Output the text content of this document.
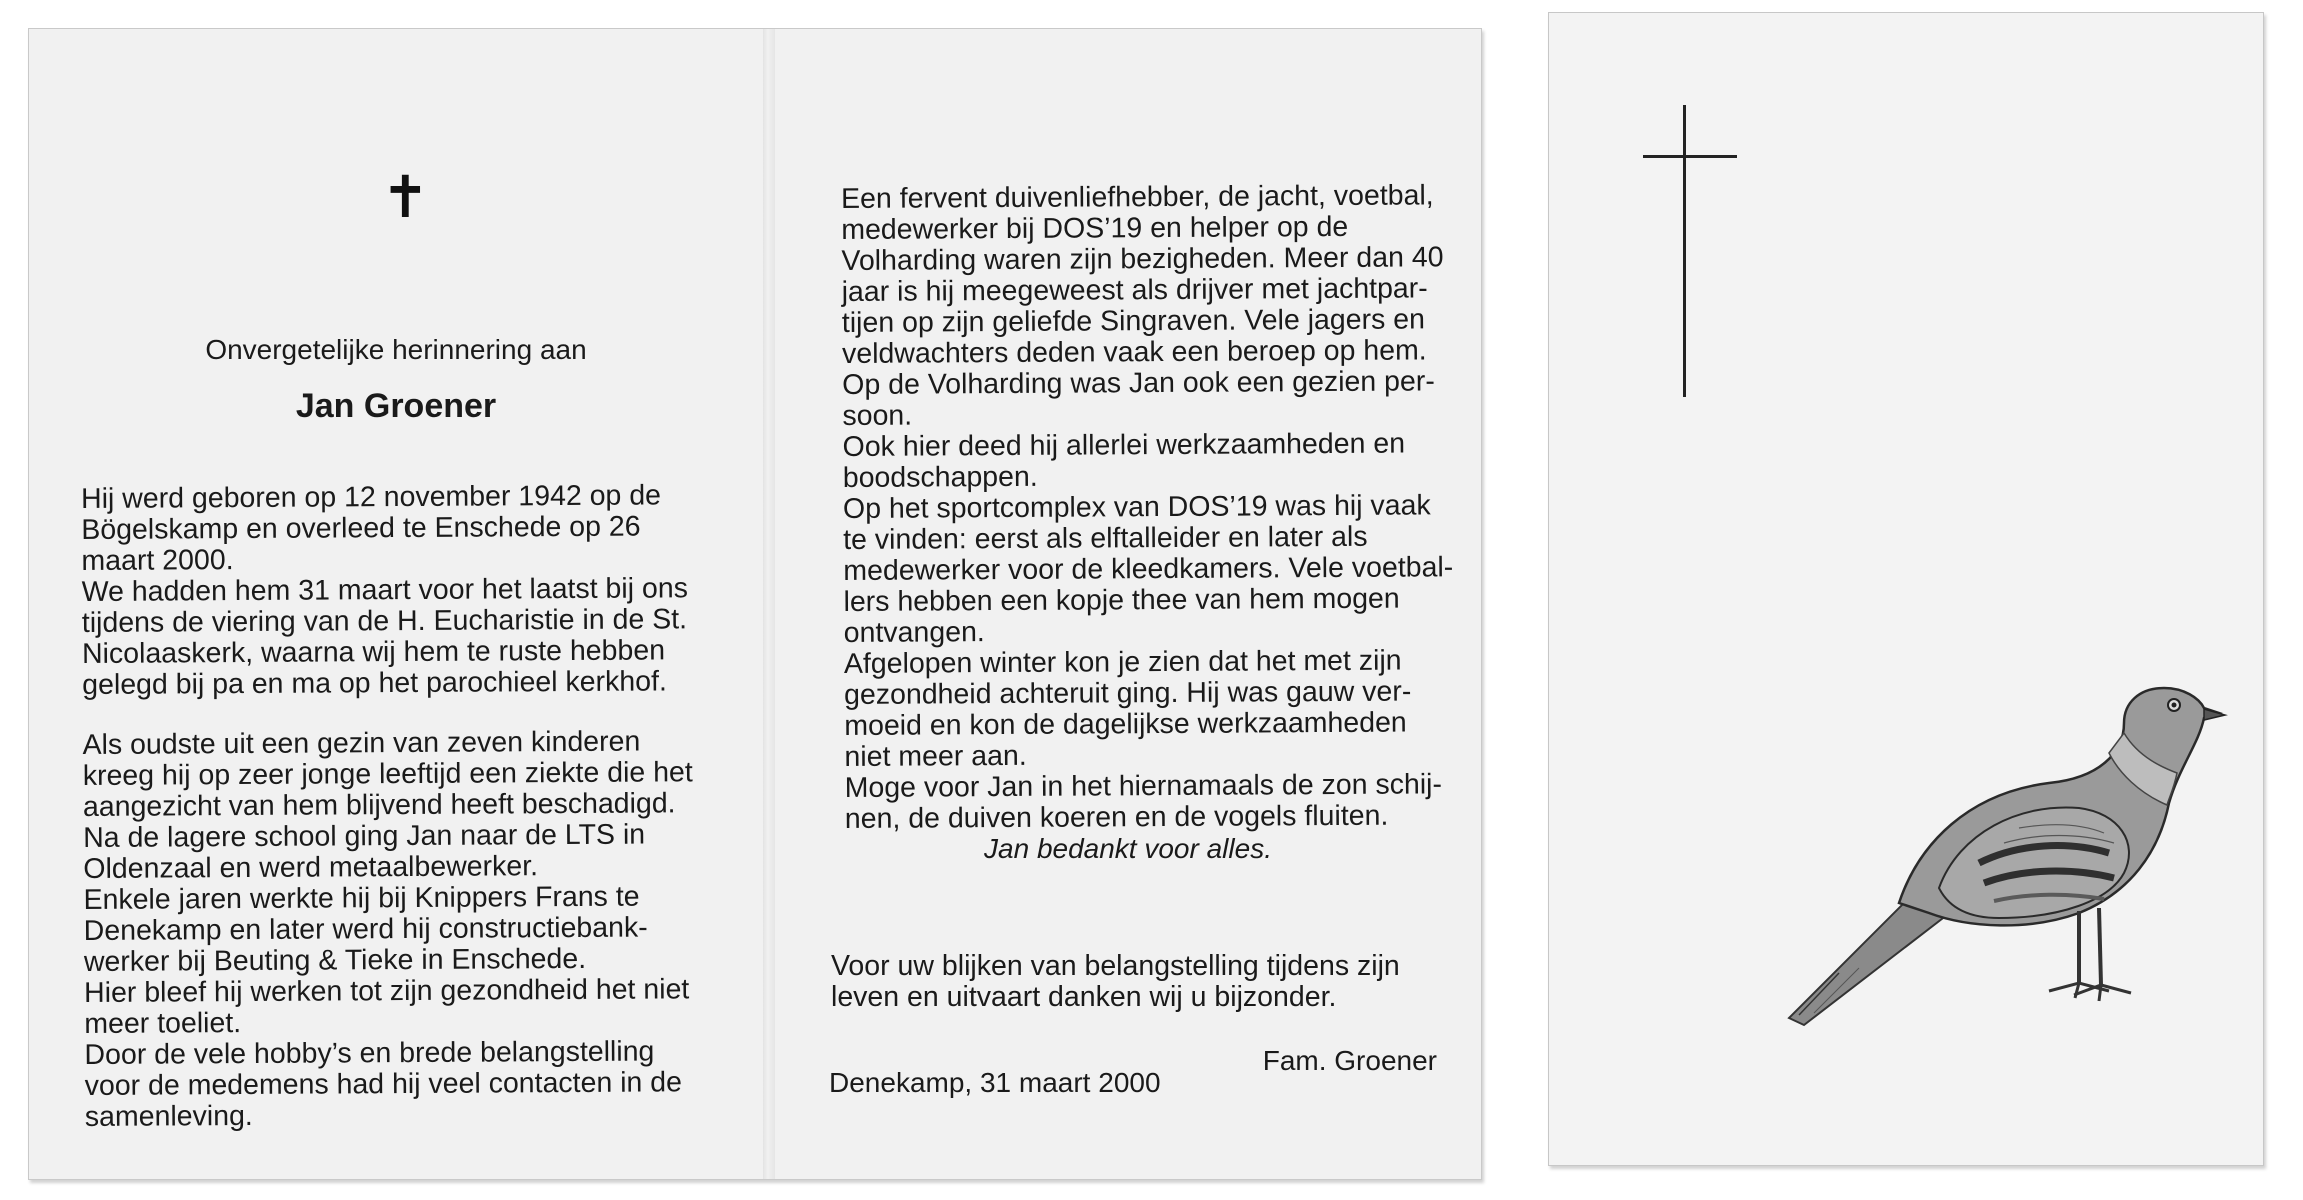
✝
Onvergetelijke herinnering aan
Jan Groener

Hij werd geboren op 12 november 1942 op de

Bögelskamp en overleed te Enschede op 26

maart 2000.

We hadden hem 31 maart voor het laatst bij ons

tijdens de viering van de H. Eucharistie in de St.

Nicolaaskerk, waarna wij hem te ruste hebben

gelegd bij pa en ma op het parochieel kerkhof.

Als oudste uit een gezin van zeven kinderen

kreeg hij op zeer jonge leeftijd een ziekte die het

aangezicht van hem blijvend heeft beschadigd.

Na de lagere school ging Jan naar de LTS in

Oldenzaal en werd metaalbewerker.

Enkele jaren werkte hij bij Knippers Frans te

Denekamp en later werd hij constructiebank-

werker bij Beuting & Tieke in Enschede.

Hier bleef hij werken tot zijn gezondheid het niet

meer toeliet.

Door de vele hobby’s en brede belangstelling

voor de medemens had hij veel contacten in de

samenleving.

Een fervent duivenliefhebber, de jacht, voetbal,

medewerker bij DOS’19 en helper op de

Volharding waren zijn bezigheden. Meer dan 40

jaar is hij meegeweest als drijver met jachtpar-

tijen op zijn geliefde Singraven. Vele jagers en

veldwachters deden vaak een beroep op hem.

Op de Volharding was Jan ook een gezien per-

soon.

Ook hier deed hij allerlei werkzaamheden en

boodschappen.

Op het sportcomplex van DOS’19 was hij vaak

te vinden: eerst als elftalleider en later als

medewerker voor de kleedkamers. Vele voetbal-

lers hebben een kopje thee van hem mogen

ontvangen.

Afgelopen winter kon je zien dat het met zijn

gezondheid achteruit ging. Hij was gauw ver-

moeid en kon de dagelijkse werkzaamheden

niet meer aan.

Moge voor Jan in het hiernamaals de zon schij-

nen, de duiven koeren en de vogels fluiten.

Jan bedankt voor alles.
Voor uw blijken van belangstelling tijdens zijn
leven en uitvaart danken wij u bijzonder.
Fam. Groener
Denekamp, 31 maart 2000
